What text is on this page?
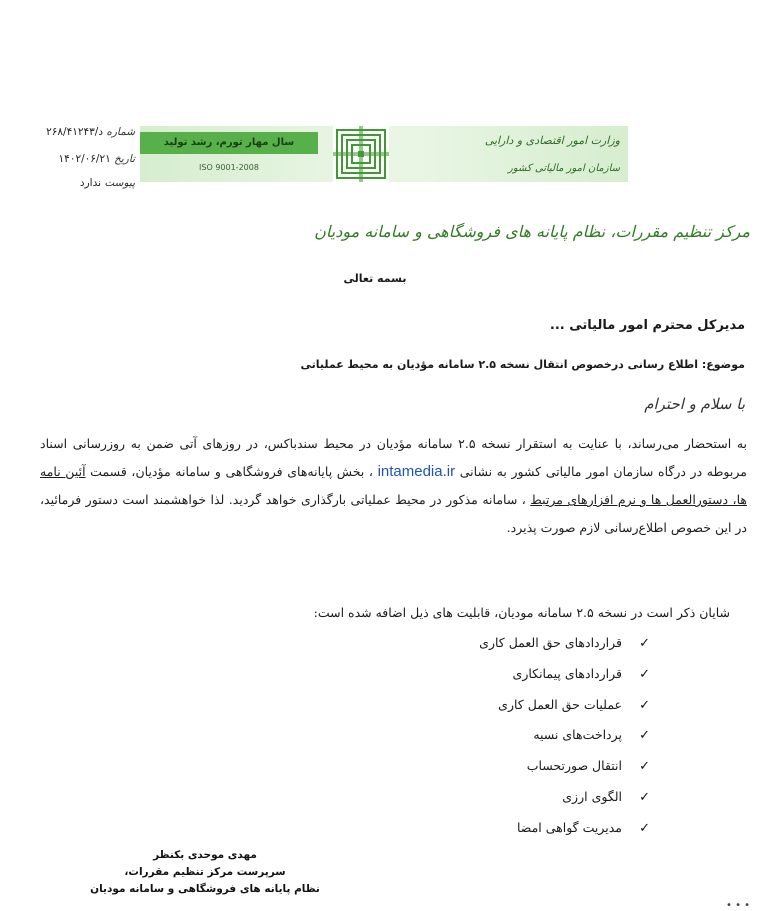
شماره د/۲۶۸/۴۱۲۴۳
تاریخ ۱۴۰۲/۰۶/۲۱
پیوست ندارد
سال مهار تورم، رشد تولید
ISO 9001-2008
وزارت امور اقتصادی و دارایی
سازمان امور مالیاتی کشور
مرکز تنظیم مقررات، نظام پایانه های فروشگاهی و سامانه مودیان
بسمه تعالی
مدیرکل محترم امور مالیاتی ...
موضوع: اطلاع رسانی درخصوص انتقال نسخه ۲.۵ سامانه مؤدیان به محیط عملیاتی
با سلام و احترام

به استحضار می‌رساند، با عنایت به استقرار نسخه ۲.۵ سامانه مؤدیان در محیط سندباکس، در روزهای آتی ضمن به روزرسانی اسناد مربوطه در درگاه سازمان امور مالیاتی کشور به نشانی intamedia.ir ، بخش پایانه‌های فروشگاهی و سامانه مؤدیان، قسمت آئین نامه ها، دستورالعمل ها و نرم افزارهای مرتبط ، سامانه مذکور در محیط عملیاتی بارگذاری خواهد گردید. لذا خواهشمند است دستور فرمائید، در این خصوص اطلاع‌رسانی لازم صورت پذیرد.

شایان ذکر است در نسخه ۲.۵ سامانه مودیان، قابلیت های ذیل اضافه شده است:
✓قراردادهای حق العمل کاری
✓قراردادهای پیمانکاری
✓عملیات حق العمل کاری
✓پرداخت‌های نسیه
✓انتقال صورتحساب
✓الگوی ارزی
✓مدیریت گواهی امضا
مهدی موحدی بکنظر
سرپرست مرکز تنظیم مقررات،
نظام پایانه های فروشگاهی و سامانه مودیان
• • •
